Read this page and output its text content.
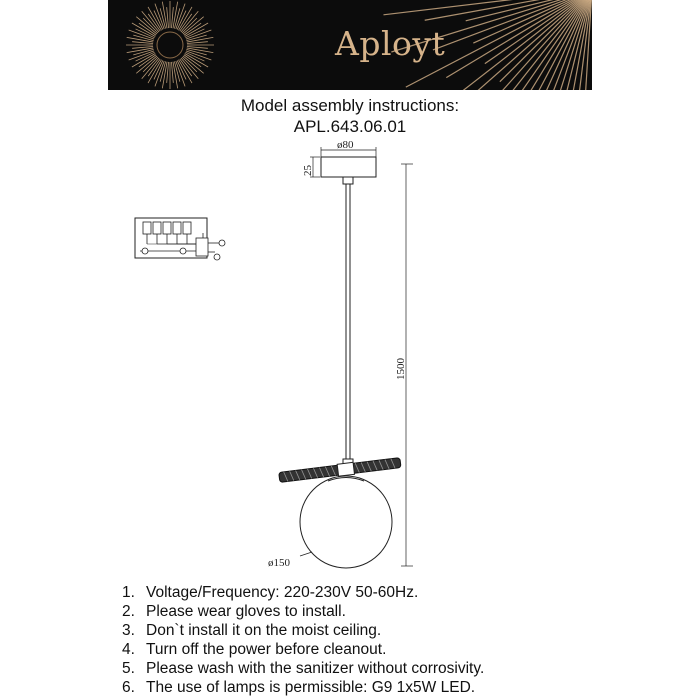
Aployt
Model assembly instructions:
APL.643.06.01
ø80
25
ø150
1500
1. Voltage/Frequency: 220-230V 50-60Hz.
2. Please wear gloves to install.
3. Don`t install it on the moist ceiling.
4. Turn off the power before cleanout.
5. Please wash with the sanitizer without corrosivity.
6. The use of lamps is permissible: G9 1x5W LED.
